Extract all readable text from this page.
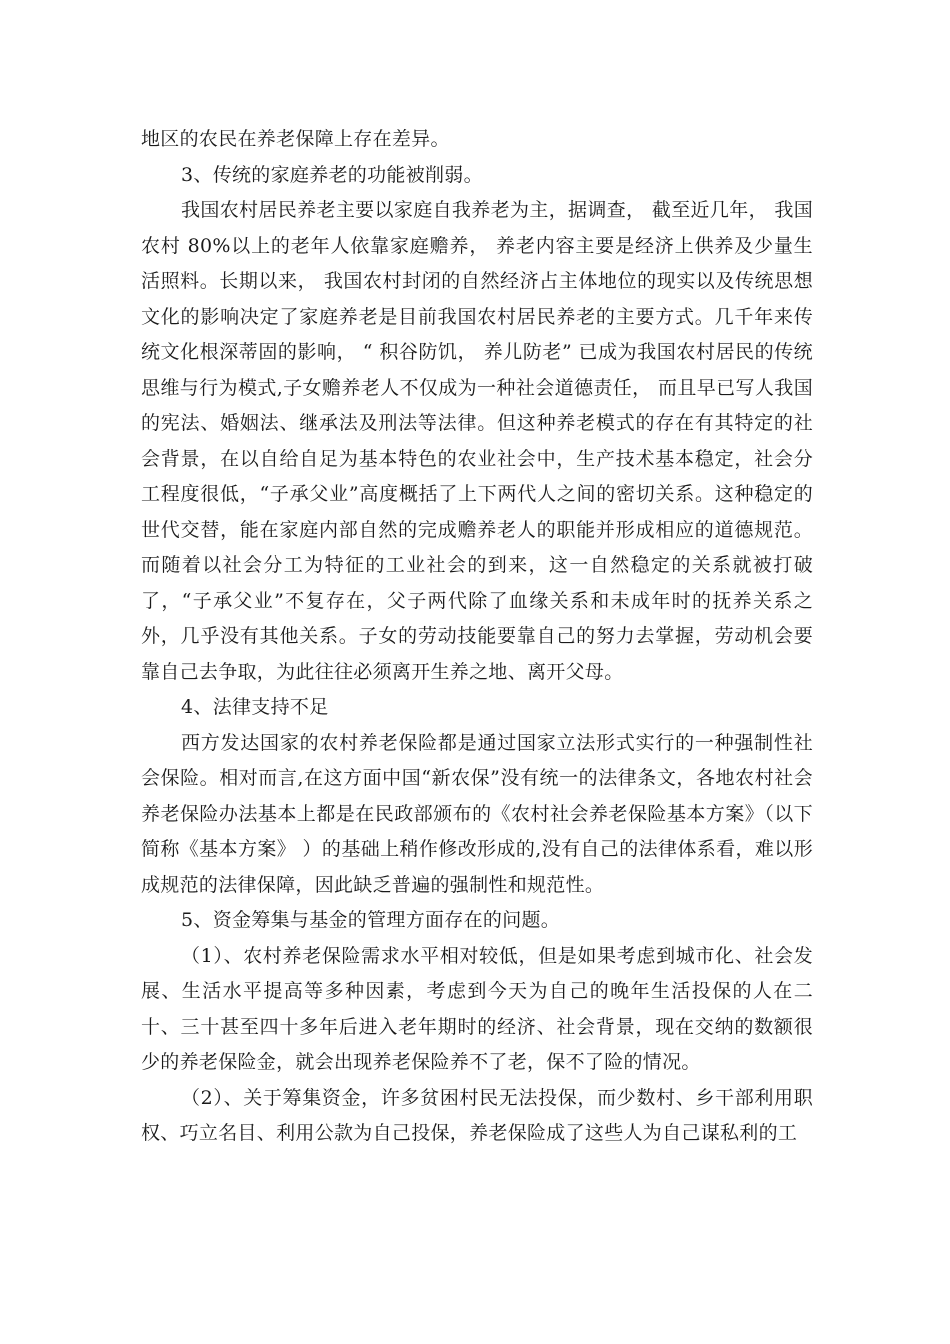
地区的农民在养老保障上存在差异。

3、传统的家庭养老的功能被削弱。

我国农村居民养老主要以家庭自我养老为主，据调查， 截至近几年， 我国农村 80%以上的老年人依靠家庭赡养， 养老内容主要是经济上供养及少量生活照料。长期以来， 我国农村封闭的自然经济占主体地位的现实以及传统思想文化的影响决定了家庭养老是目前我国农村居民养老的主要方式。几千年来传统文化根深蒂固的影响， “ 积谷防饥， 养儿防老” 已成为我国农村居民的传统思维与行为模式,子女赡养老人不仅成为一种社会道德责任， 而且早已写人我国的宪法、婚姻法、继承法及刑法等法律。但这种养老模式的存在有其特定的社会背景，在以自给自足为基本特色的农业社会中，生产技术基本稳定，社会分工程度很低，“子承父业”高度概括了上下两代人之间的密切关系。这种稳定的世代交替，能在家庭内部自然的完成赡养老人的职能并形成相应的道德规范。而随着以社会分工为特征的工业社会的到来，这一自然稳定的关系就被打破了，“子承父业”不复存在，父子两代除了血缘关系和未成年时的抚养关系之外，几乎没有其他关系。子女的劳动技能要靠自己的努力去掌握，劳动机会要靠自己去争取，为此往往必须离开生养之地、离开父母。

4、法律支持不足

西方发达国家的农村养老保险都是通过国家立法形式实行的一种强制性社会保险。相对而言,在这方面中国“新农保”没有统一的法律条文，各地农村社会养老保险办法基本上都是在民政部颁布的《农村社会养老保险基本方案》（以下简称《基本方案》 ）的基础上稍作修改形成的,没有自己的法律体系看，难以形成规范的法律保障，因此缺乏普遍的强制性和规范性。

5、资金筹集与基金的管理方面存在的问题。

（1）、农村养老保险需求水平相对较低，但是如果考虑到城市化、社会发展、生活水平提高等多种因素，考虑到今天为自己的晚年生活投保的人在二十、三十甚至四十多年后进入老年期时的经济、社会背景，现在交纳的数额很少的养老保险金，就会出现养老保险养不了老，保不了险的情况。

（2）、关于筹集资金，许多贫困村民无法投保，而少数村、乡干部利用职权、巧立名目、利用公款为自己投保，养老保险成了这些人为自己谋私利的工
